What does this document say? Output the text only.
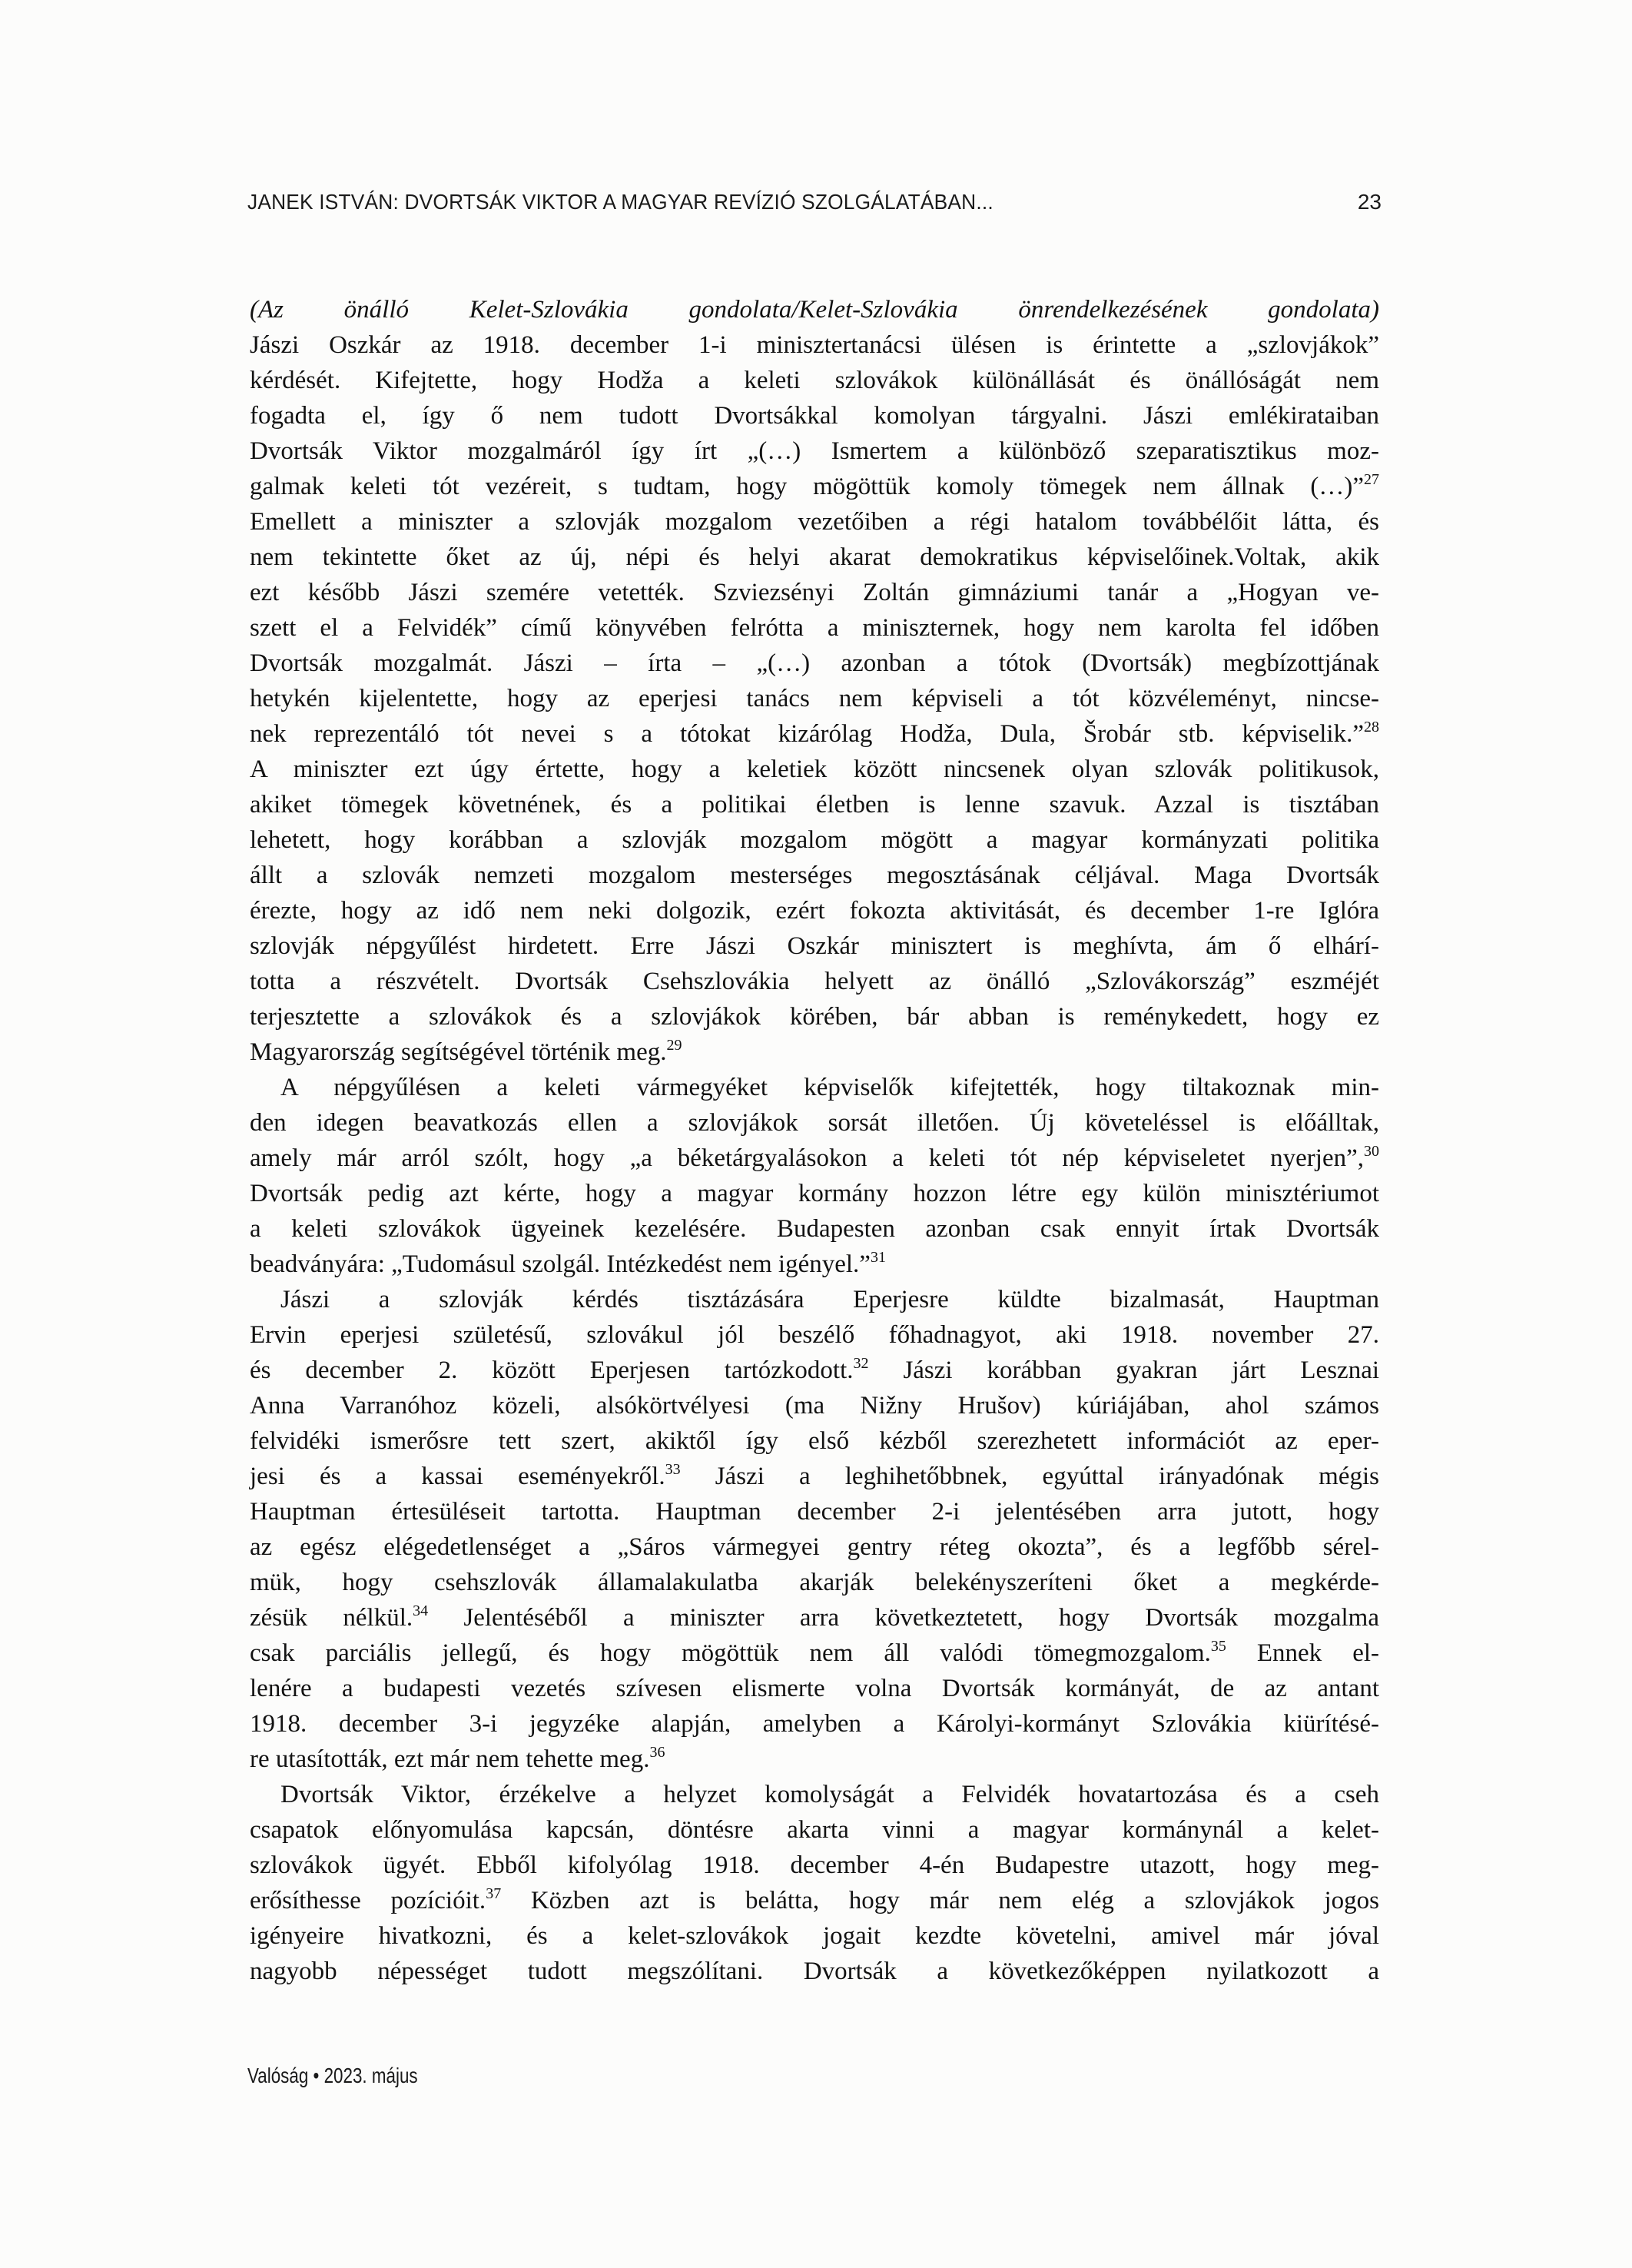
JANEK ISTVÁN: DVORTSÁK VIKTOR A MAGYAR REVÍZIÓ SZOLGÁLATÁBAN...	23
(Az önálló Kelet-Szlovákia gondolata/Kelet-Szlovákia önrendelkezésének gondolata)
Jászi Oszkár az 1918. december 1-i minisztertanácsi ülésen is érintette a „szlovjákok”
kérdését. Kifejtette, hogy Hodža a keleti szlovákok különállását és önállóságát nem
fogadta el, így ő nem tudott Dvortsákkal komolyan tárgyalni. Jászi emlékirataiban
Dvortsák Viktor mozgalmáról így írt „(…) Ismertem a különböző szeparatisztikus moz-
galmak keleti tót vezéreit, s tudtam, hogy mögöttük komoly tömegek nem állnak (…)”$^{27}$
Emellett a miniszter a szlovják mozgalom vezetőiben a régi hatalom továbbélőit látta, és
nem tekintette őket az új, népi és helyi akarat demokratikus képviselőinek.Voltak, akik
ezt később Jászi szemére vetették. Szviezsényi Zoltán gimnáziumi tanár a „Hogyan ve-
szett el a Felvidék” című könyvében felrótta a miniszternek, hogy nem karolta fel időben
Dvortsák mozgalmát. Jászi – írta – „(…) azonban a tótok (Dvortsák) megbízottjának
hetykén kijelentette, hogy az eperjesi tanács nem képviseli a tót közvéleményt, nincse-
nek reprezentáló tót nevei s a tótokat kizárólag Hodža, Dula, Šrobár stb. képviselik.”$^{28}$
A miniszter ezt úgy értette, hogy a keletiek között nincsenek olyan szlovák politikusok,
akiket tömegek követnének, és a politikai életben is lenne szavuk. Azzal is tisztában
lehetett, hogy korábban a szlovják mozgalom mögött a magyar kormányzati politika
állt a szlovák nemzeti mozgalom mesterséges megosztásának céljával. Maga Dvortsák
érezte, hogy az idő nem neki dolgozik, ezért fokozta aktivitását, és december 1-re Iglóra
szlovják népgyűlést hirdetett. Erre Jászi Oszkár minisztert is meghívta, ám ő elhárí-
totta a részvételt. Dvortsák Csehszlovákia helyett az önálló „Szlovákország” eszméjét
terjesztette a szlovákok és a szlovjákok körében, bár abban is reménykedett, hogy ez
Magyarország segítségével történik meg.$^{29}$
A népgyűlésen a keleti vármegyéket képviselők kifejtették, hogy tiltakoznak min-
den idegen beavatkozás ellen a szlovjákok sorsát illetően. Új követeléssel is előálltak,
amely már arról szólt, hogy „a béketárgyalásokon a keleti tót nép képviseletet nyerjen”,$^{30}$
Dvortsák pedig azt kérte, hogy a magyar kormány hozzon létre egy külön minisztériumot
a keleti szlovákok ügyeinek kezelésére. Budapesten azonban csak ennyit írtak Dvortsák
beadványára: „Tudomásul szolgál. Intézkedést nem igényel.”$^{31}$
Jászi a szlovják kérdés tisztázására Eperjesre küldte bizalmasát, Hauptman
Ervin eperjesi születésű, szlovákul jól beszélő főhadnagyot, aki 1918. november 27.
és december 2. között Eperjesen tartózkodott.$^{32}$ Jászi korábban gyakran járt Lesznai
Anna Varranóhoz közeli, alsókörtvélyesi (ma Nižny Hrušov) kúriájában, ahol számos
felvidéki ismerősre tett szert, akiktől így első kézből szerezhetett információt az eper-
jesi és a kassai eseményekről.$^{33}$ Jászi a leghihetőbbnek, egyúttal irányadónak mégis
Hauptman értesüléseit tartotta. Hauptman december 2-i jelentésében arra jutott, hogy
az egész elégedetlenséget a „Sáros vármegyei gentry réteg okozta”, és a legfőbb sérel-
mük, hogy csehszlovák államalakulatba akarják belekényszeríteni őket a megkérde-
zésük nélkül.$^{34}$ Jelentéséből a miniszter arra következtetett, hogy Dvortsák mozgalma
csak parciális jellegű, és hogy mögöttük nem áll valódi tömegmozgalom.$^{35}$ Ennek el-
lenére a budapesti vezetés szívesen elismerte volna Dvortsák kormányát, de az antant
1918. december 3-i jegyzéke alapján, amelyben a Károlyi-kormányt Szlovákia kiürítésé-
re utasították, ezt már nem tehette meg.$^{36}$
Dvortsák Viktor, érzékelve a helyzet komolyságát a Felvidék hovatartozása és a cseh
csapatok előnyomulása kapcsán, döntésre akarta vinni a magyar kormánynál a kelet-
szlovákok ügyét. Ebből kifolyólag 1918. december 4-én Budapestre utazott, hogy meg-
erősíthesse pozícióit.$^{37}$ Közben azt is belátta, hogy már nem elég a szlovjákok jogos
igényeire hivatkozni, és a kelet-szlovákok jogait kezdte követelni, amivel már jóval
nagyobb népességet tudott megszólítani. Dvortsák a következőképpen nyilatkozott a
Valóság • 2023. május
